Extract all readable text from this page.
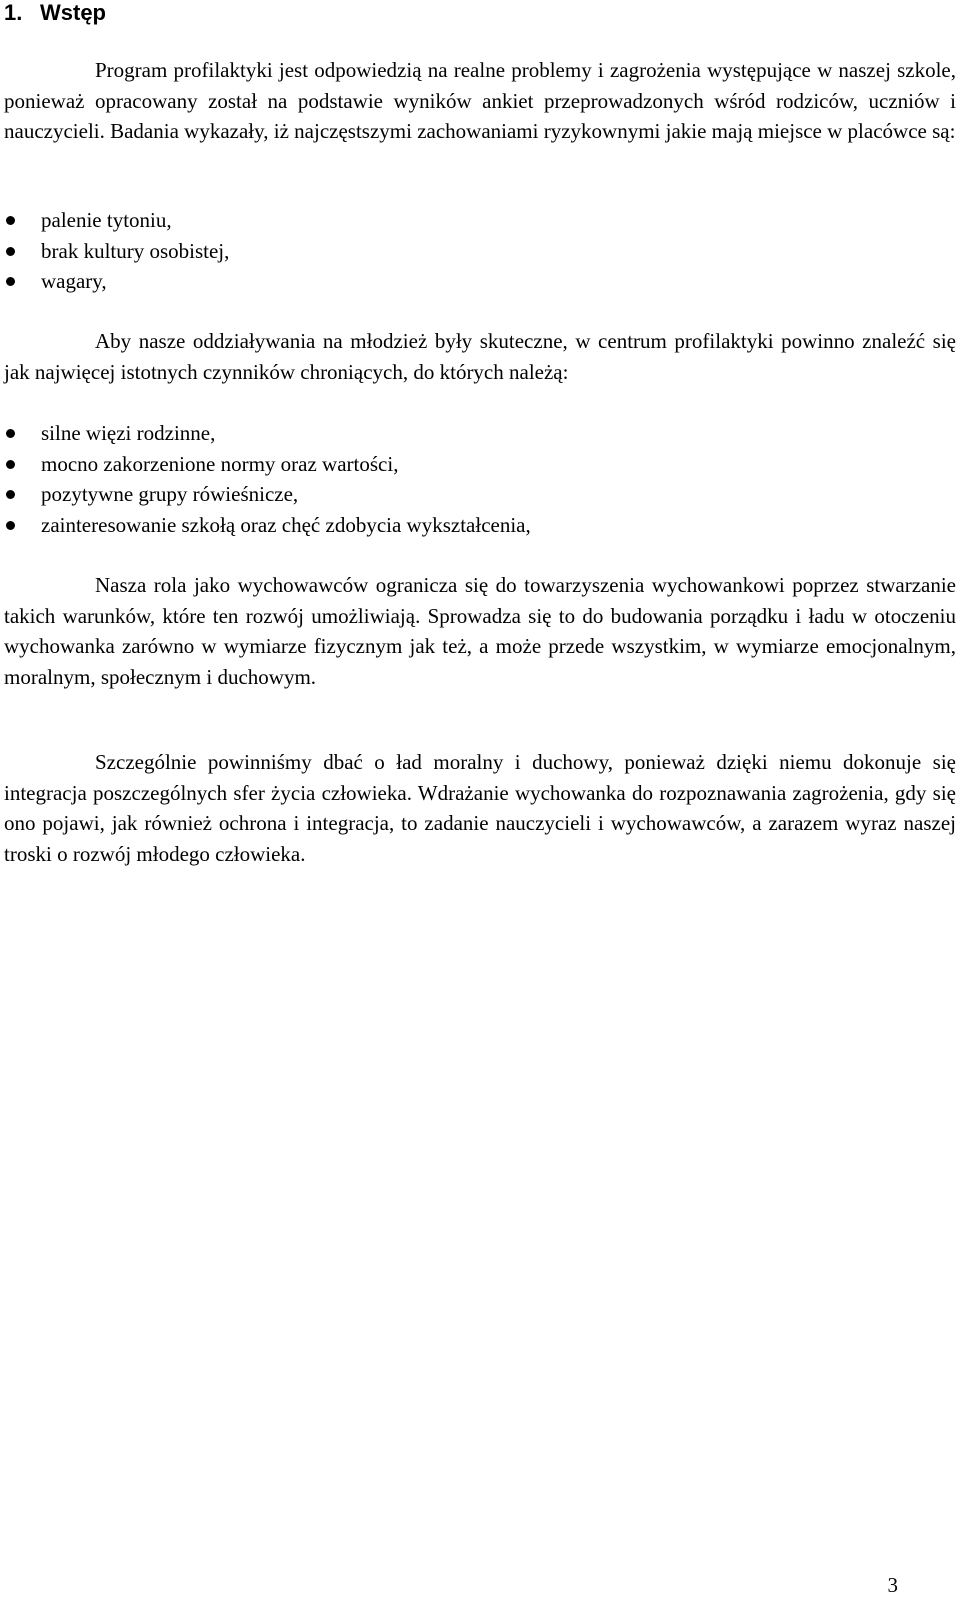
1. Wstęp

Program profilaktyki jest odpowiedzią na realne problemy i zagrożenia występujące w naszej szkole, ponieważ opracowany został na podstawie wyników ankiet przeprowadzonych wśród rodziców, uczniów i nauczycieli. Badania wykazały, iż najczęstszymi zachowaniami ryzykownymi jakie mają miejsce w placówce są:

palenie tytoniu,
brak kultury osobistej,
wagary,

Aby nasze oddziaływania na młodzież były skuteczne, w centrum profilaktyki powinno znaleźć się jak najwięcej istotnych czynników chroniących, do których należą:

silne więzi rodzinne,
mocno zakorzenione normy oraz wartości,
pozytywne grupy rówieśnicze,
zainteresowanie szkołą oraz chęć zdobycia wykształcenia,

Nasza rola jako wychowawców ogranicza się do towarzyszenia wychowankowi poprzez stwarzanie takich warunków, które ten rozwój umożliwiają. Sprowadza się to do budowania porządku i ładu w otoczeniu wychowanka zarówno w wymiarze fizycznym jak też, a może przede wszystkim, w wymiarze emocjonalnym, moralnym, społecznym i duchowym.

Szczególnie powinniśmy dbać o ład moralny i duchowy, ponieważ dzięki niemu dokonuje się integracja poszczególnych sfer życia człowieka. Wdrażanie wychowanka do rozpoznawania zagrożenia, gdy się ono pojawi, jak również ochrona i integracja, to zadanie nauczycieli i wychowawców, a zarazem wyraz naszej troski o rozwój młodego człowieka.

3
